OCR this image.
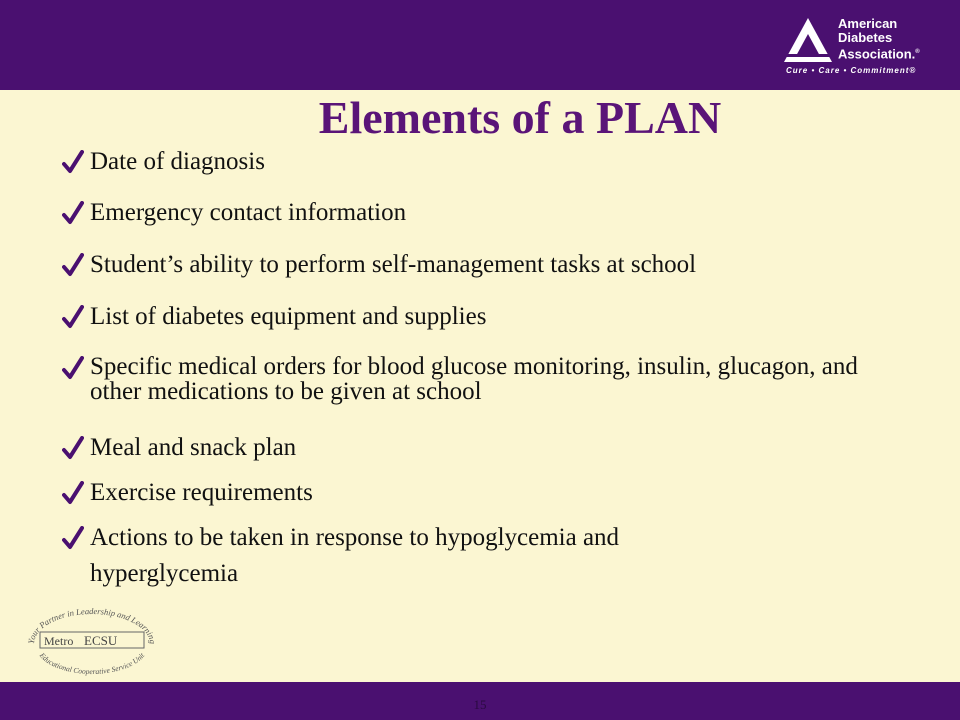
American
Diabetes
Association.®
Cure • Care • Commitment®
Elements of a PLAN
Date of diagnosis
Emergency contact information
Student’s ability to perform self-management tasks at school
List of diabetes equipment and supplies
Specific medical orders for blood glucose monitoring, insulin, glucagon, and other medications to be given at school
Meal and snack plan
Exercise requirements
Actions to be taken in response to hypoglycemia and hyperglycemia
Your Partner in Leadership and Learnin
Metro ECSU
Educational Cooperative Service Unit
15
